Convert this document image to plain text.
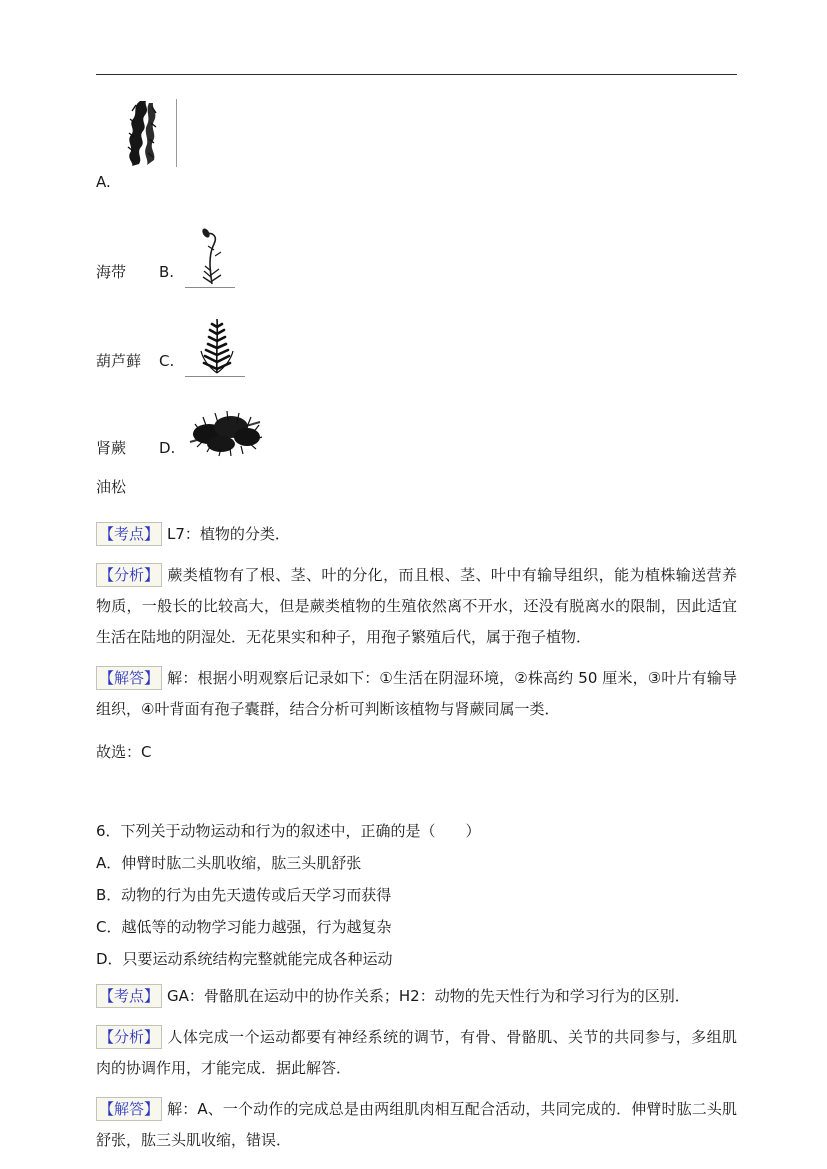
A.
海带	B.
葫芦藓	C.
肾蕨	D.
油松

【考点】 L7：植物的分类．

【分析】 蕨类植物有了根、茎、叶的分化，而且根、茎、叶中有输导组织，能为植株输送营养物质，一般长的比较高大，但是蕨类植物的生殖依然离不开水，还没有脱离水的限制，因此适宜生活在陆地的阴湿处．无花果实和种子，用孢子繁殖后代，属于孢子植物．

【解答】 解：根据小明观察后记录如下：①生活在阴湿环境，②株高约 50 厘米，③叶片有输导组织，④叶背面有孢子囊群，结合分析可判断该植物与肾蕨同属一类．

故选：C
6．下列关于动物运动和行为的叙述中，正确的是（　　）
A．伸臂时肱二头肌收缩，肱三头肌舒张
B．动物的行为由先天遗传或后天学习而获得
C．越低等的动物学习能力越强，行为越复杂
D．只要运动系统结构完整就能完成各种运动

【考点】 GA：骨骼肌在运动中的协作关系；H2：动物的先天性行为和学习行为的区别．

【分析】 人体完成一个运动都要有神经系统的调节，有骨、骨骼肌、关节的共同参与，多组肌肉的协调作用，才能完成．据此解答．

【解答】 解：A、一个动作的完成总是由两组肌肉相互配合活动，共同完成的．伸臂时肱二头肌舒张，肱三头肌收缩，错误．
